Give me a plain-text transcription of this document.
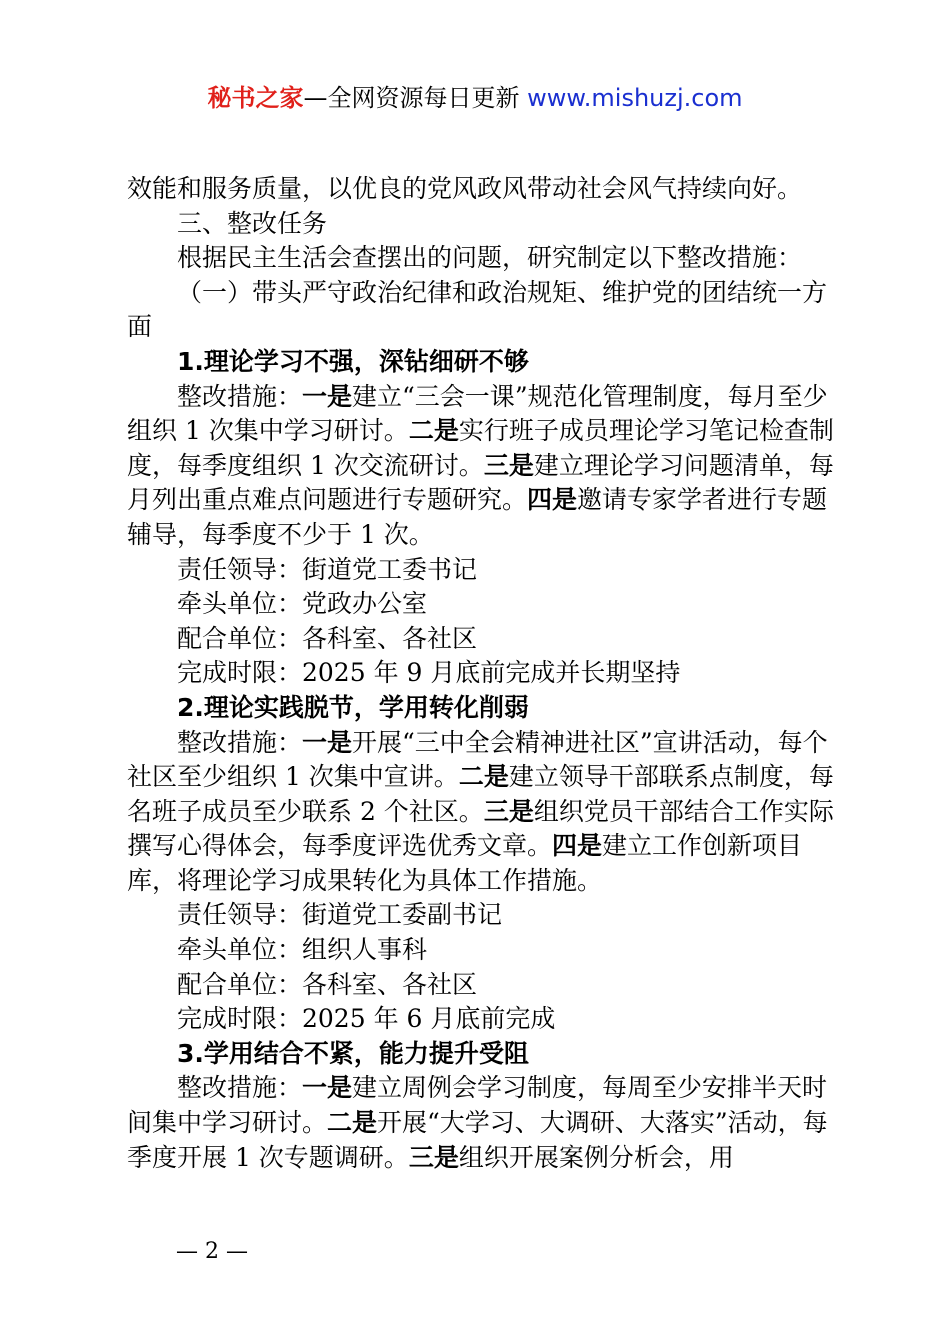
秘书之家—全网资源每日更新 www.mishuzj.com

效能和服务质量，以优良的党风政风带动社会风气持续向好。

三、整改任务

根据民主生活会查摆出的问题，研究制定以下整改措施：

（一）带头严守政治纪律和政治规矩、维护党的团结统一方面

1.理论学习不强，深钻细研不够

整改措施：一是建立“三会一课”规范化管理制度，每月至少组织 1 次集中学习研讨。二是实行班子成员理论学习笔记检查制度，每季度组织 1 次交流研讨。三是建立理论学习问题清单，每月列出重点难点问题进行专题研究。四是邀请专家学者进行专题辅导，每季度不少于 1 次。

责任领导：街道党工委书记

牵头单位：党政办公室

配合单位：各科室、各社区

完成时限：2025 年 9 月底前完成并长期坚持

2.理论实践脱节，学用转化削弱

整改措施：一是开展“三中全会精神进社区”宣讲活动，每个社区至少组织 1 次集中宣讲。二是建立领导干部联系点制度，每名班子成员至少联系 2 个社区。三是组织党员干部结合工作实际撰写心得体会，每季度评选优秀文章。四是建立工作创新项目库，将理论学习成果转化为具体工作措施。

责任领导：街道党工委副书记

牵头单位：组织人事科

配合单位：各科室、各社区

完成时限：2025 年 6 月底前完成

3.学用结合不紧，能力提升受阻

整改措施：一是建立周例会学习制度，每周至少安排半天时间集中学习研讨。二是开展“大学习、大调研、大落实”活动，每季度开展 1 次专题调研。三是组织开展案例分析会，用

— 2 —
